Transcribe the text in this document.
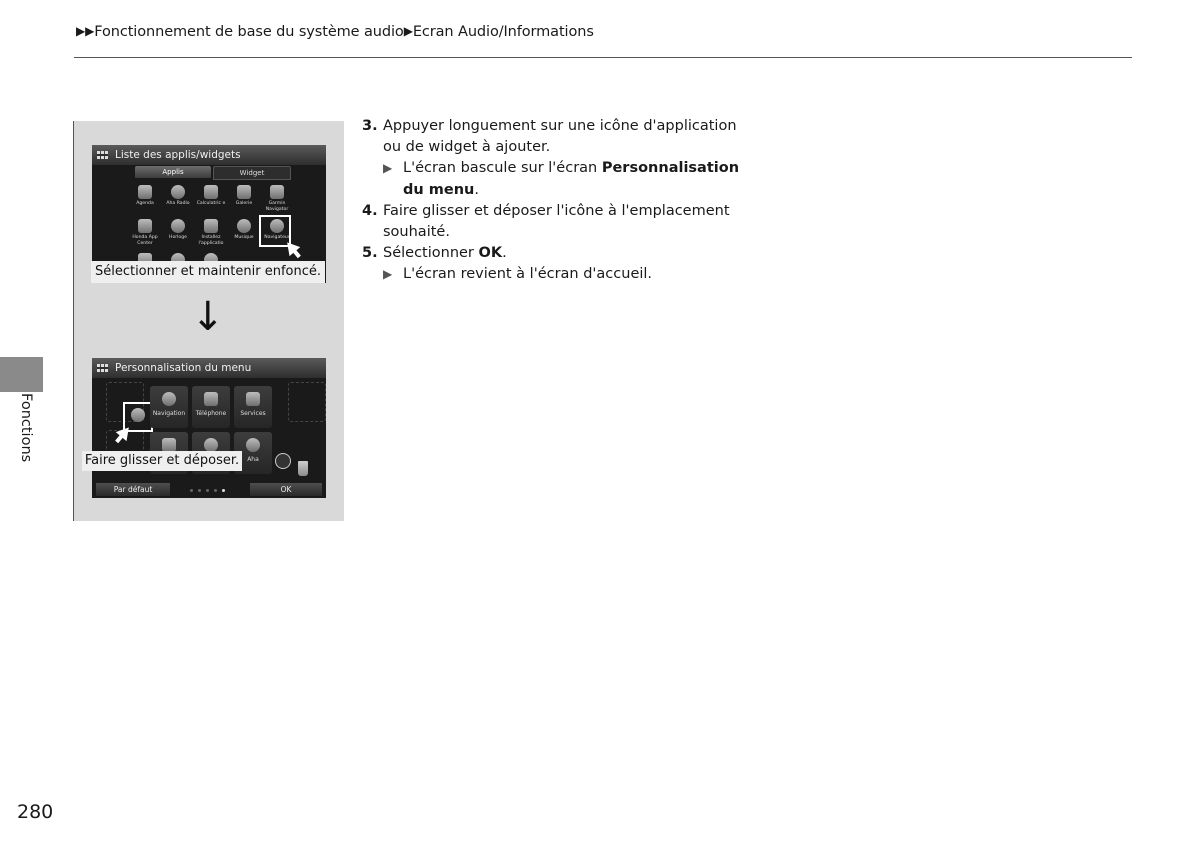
▶▶Fonctionnement de base du système audio▶Ecran Audio/Informations
Fonctions
Liste des applis/widgets
Applis	Widget
Agenda	Aha Radio	Calculatric e	Galerie	Garmin Navigator
Honda App Center
Horloge	Installez l'applicatio
Musique	Navigateur
Sélectionner et maintenir enfoncé.
↓
Personnalisation du menu
Navigation	Téléphone	Services
Aha
Par défaut	OK
Faire glisser et déposer.
3. Appuyer longuement sur une icône d'application ou de widget à ajouter.
▶ L'écran bascule sur l'écran Personnalisation du menu.
4. Faire glisser et déposer l'icône à l'emplacement souhaité.
5. Sélectionner OK.
▶ L'écran revient à l'écran d'accueil.
280
